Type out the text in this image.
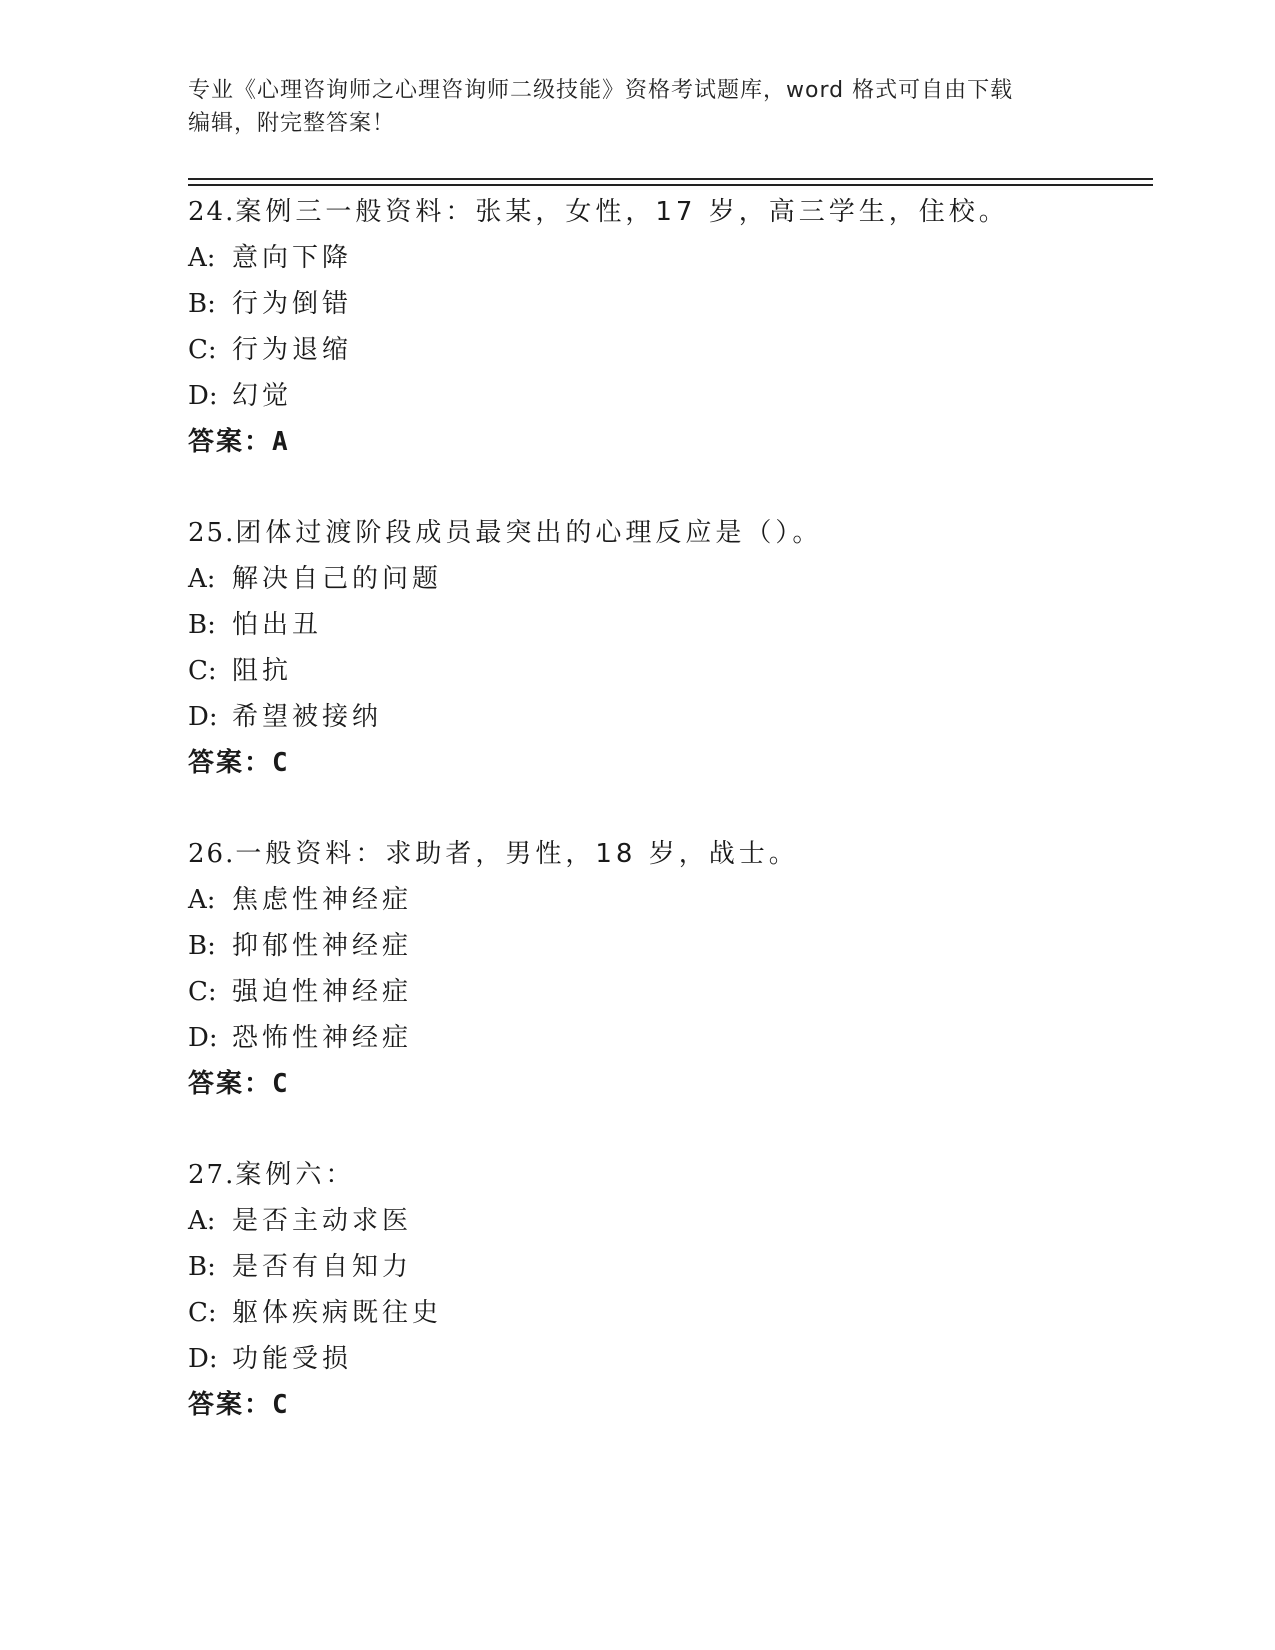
专业《心理咨询师之心理咨询师二级技能》资格考试题库，word 格式可自由下载
编辑，附完整答案！
24.案例三一般资料：张某，女性，17 岁，高三学生，住校。
A: 意向下降
B: 行为倒错
C: 行为退缩
D: 幻觉
答案：A
25.团体过渡阶段成员最突出的心理反应是（）。
A: 解决自己的问题
B: 怕出丑
C: 阻抗
D: 希望被接纳
答案：C
26.一般资料：求助者，男性，18 岁，战士。
A: 焦虑性神经症
B: 抑郁性神经症
C: 强迫性神经症
D: 恐怖性神经症
答案：C
27.案例六：
A: 是否主动求医
B: 是否有自知力
C: 躯体疾病既往史
D: 功能受损
答案：C
